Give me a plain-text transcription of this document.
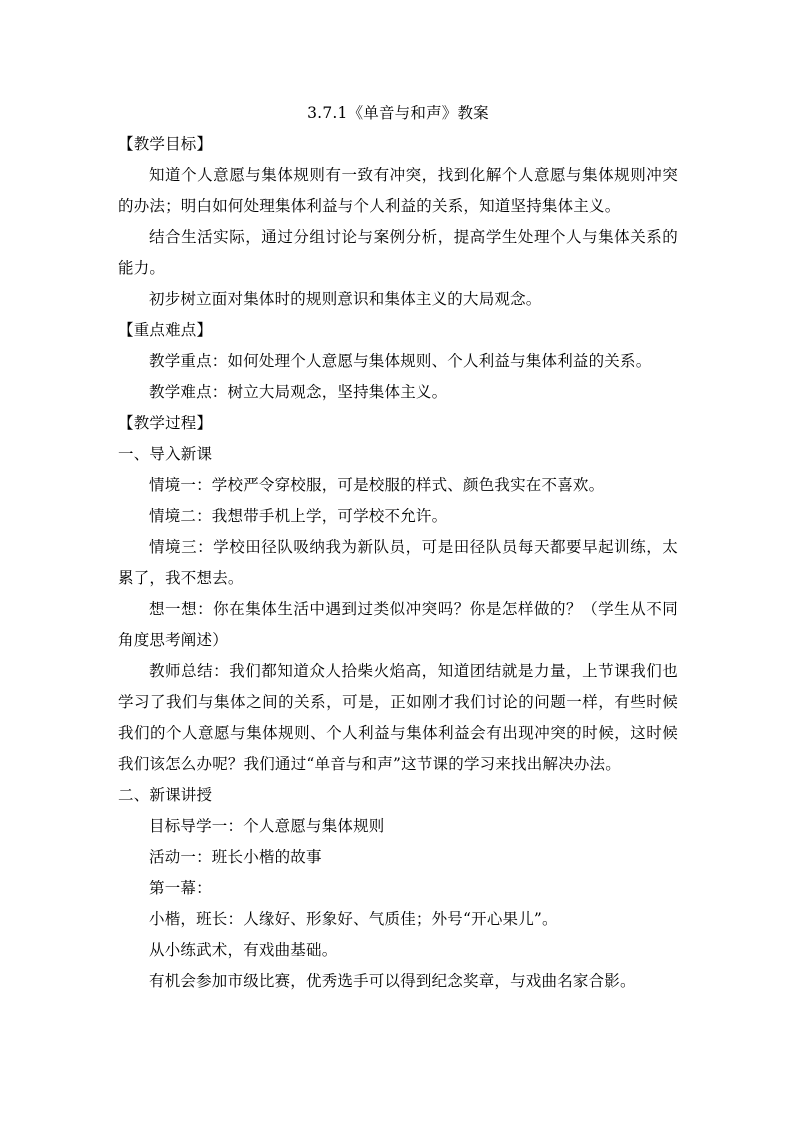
3.7.1《单音与和声》教案

【教学目标】

知道个人意愿与集体规则有一致有冲突，找到化解个人意愿与集体规则冲突的办法；明白如何处理集体利益与个人利益的关系，知道坚持集体主义。

结合生活实际，通过分组讨论与案例分析，提高学生处理个人与集体关系的能力。

初步树立面对集体时的规则意识和集体主义的大局观念。

【重点难点】

教学重点：如何处理个人意愿与集体规则、个人利益与集体利益的关系。

教学难点：树立大局观念，坚持集体主义。

【教学过程】

一、导入新课

情境一：学校严令穿校服，可是校服的样式、颜色我实在不喜欢。

情境二：我想带手机上学，可学校不允许。

情境三：学校田径队吸纳我为新队员，可是田径队员每天都要早起训练，太累了，我不想去。

想一想：你在集体生活中遇到过类似冲突吗？你是怎样做的？（学生从不同角度思考阐述）

教师总结：我们都知道众人拾柴火焰高，知道团结就是力量，上节课我们也学习了我们与集体之间的关系，可是，正如刚才我们讨论的问题一样，有些时候我们的个人意愿与集体规则、个人利益与集体利益会有出现冲突的时候，这时候我们该怎么办呢？我们通过“单音与和声”这节课的学习来找出解决办法。

二、新课讲授

目标导学一：个人意愿与集体规则

活动一：班长小楷的故事

第一幕：

小楷，班长：人缘好、形象好、气质佳；外号“开心果儿”。

从小练武术，有戏曲基础。

有机会参加市级比赛，优秀选手可以得到纪念奖章，与戏曲名家合影。
